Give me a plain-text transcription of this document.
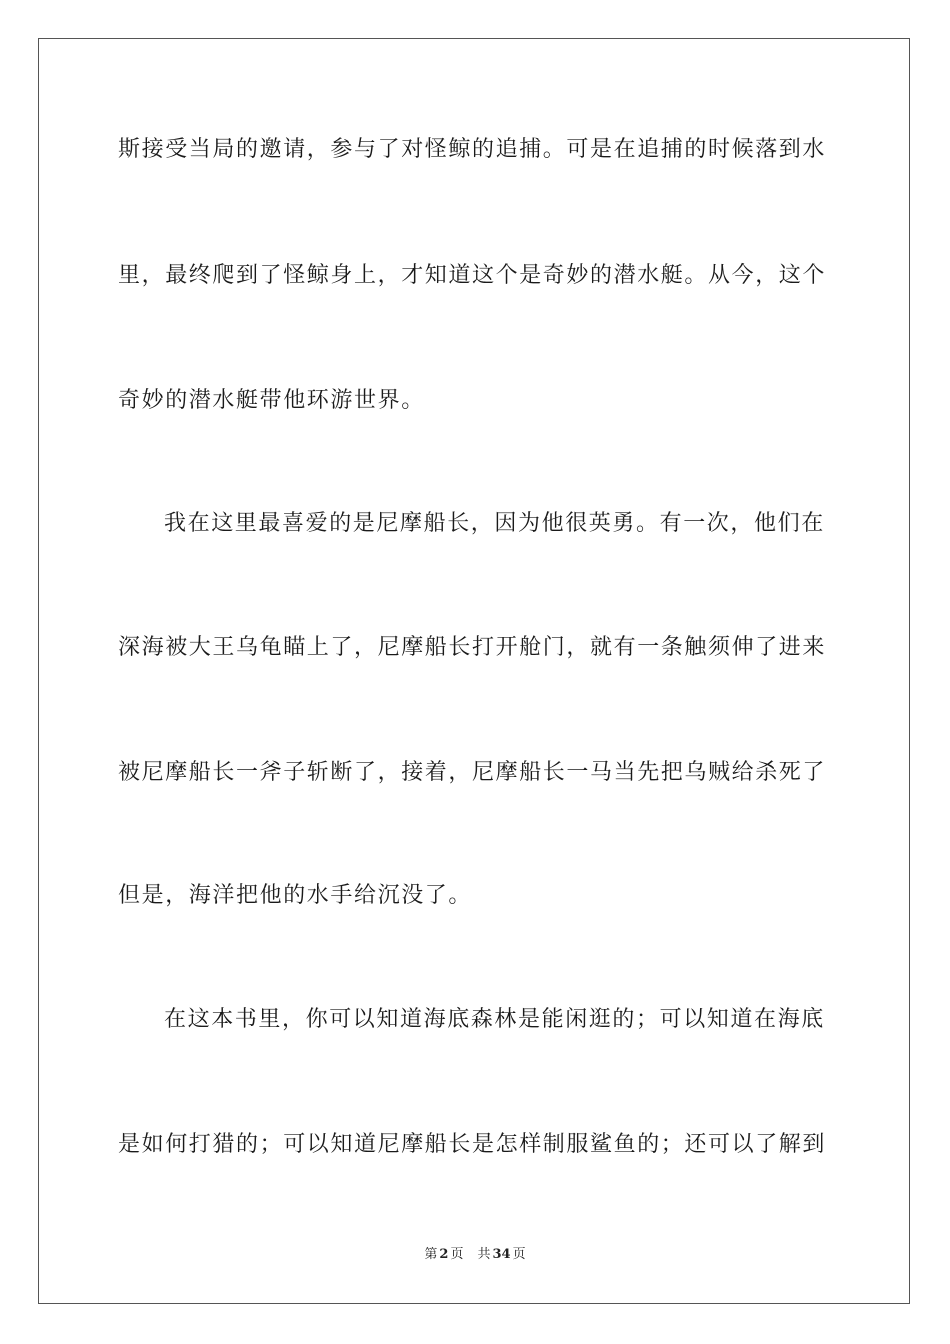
斯接受当局的邀请，参与了对怪鲸的追捕。可是在追捕的时候落到水
里，最终爬到了怪鲸身上，才知道这个是奇妙的潜水艇。从今，这个
奇妙的潜水艇带他环游世界。
我在这里最喜爱的是尼摩船长，因为他很英勇。有一次，他们在
深海被大王乌龟瞄上了，尼摩船长打开舱门，就有一条触须伸了进来
被尼摩船长一斧子斩断了，接着，尼摩船长一马当先把乌贼给杀死了
但是，海洋把他的水手给沉没了。
在这本书里，你可以知道海底森林是能闲逛的；可以知道在海底
是如何打猎的；可以知道尼摩船长是怎样制服鲨鱼的；还可以了解到
第 2 页 共 34 页
